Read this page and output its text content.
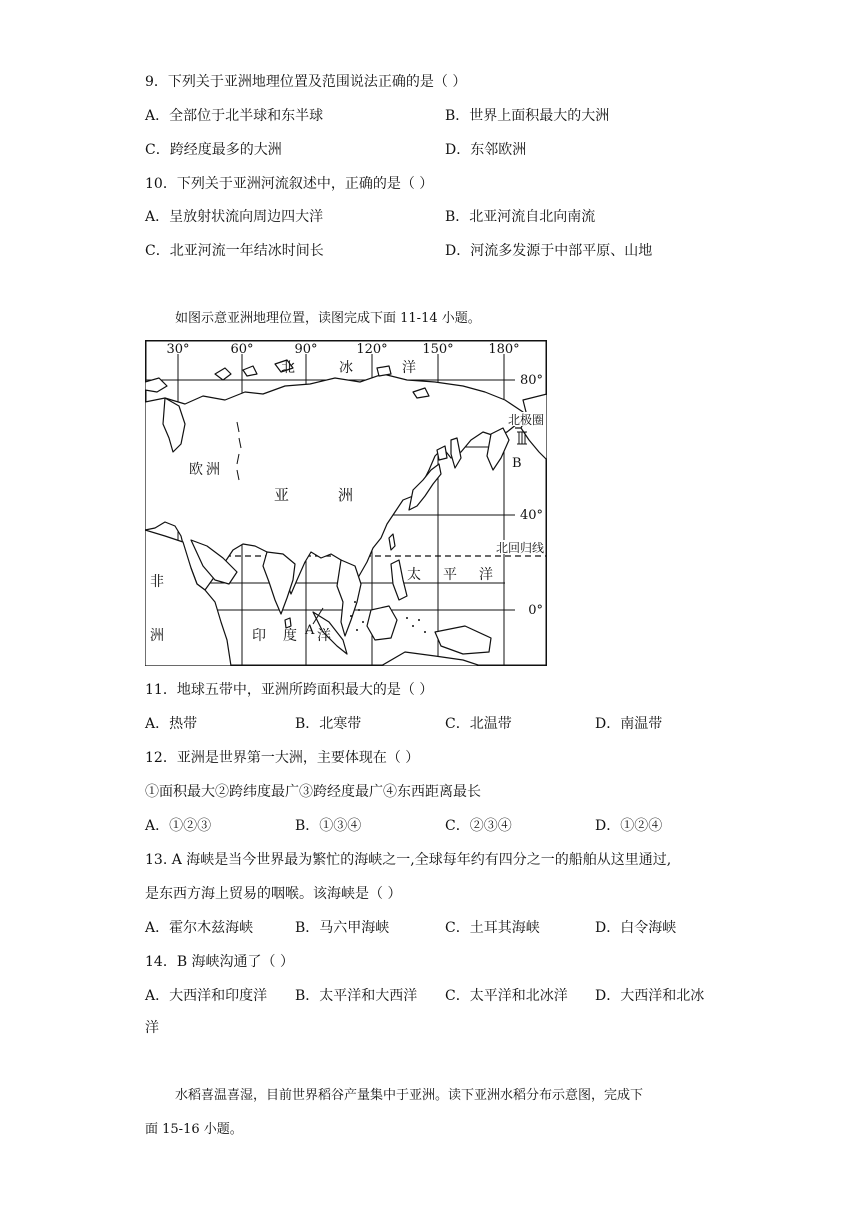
9．下列关于亚洲地理位置及范围说法正确的是（ ）
A．全部位于北半球和东半球	B．世界上面积最大的大洲
C．跨经度最多的大洲	D．东邻欧洲
10．下列关于亚洲河流叙述中，正确的是（ ）
A．呈放射状流向周边四大洋	B．北亚河流自北向南流
C．北亚河流一年结冰时间长	D．河流多发源于中部平原、山地
如图示意亚洲地理位置，读图完成下面 11-14 小题。
30°	60°	90°	120°	150°	180°
80°
40°
0°
北极圈
北回归线
北	冰	洋
欧洲
亚	洲
非
洲
太 平 洋
印 度 洋
A
B
11．地球五带中，亚洲所跨面积最大的是（ ）
A．热带	B．北寒带	C．北温带	D．南温带
12．亚洲是世界第一大洲，主要体现在（ ）
①面积最大②跨纬度最广③跨经度最广④东西距离最长
A．①②③	B．①③④	C．②③④	D．①②④
13. A 海峡是当今世界最为繁忙的海峡之一,全球每年约有四分之一的船舶从这里通过,
是东西方海上贸易的咽喉。该海峡是（ ）
A．霍尔木兹海峡	B．马六甲海峡	C．土耳其海峡	D．白令海峡
14．B 海峡沟通了（ ）
A．大西洋和印度洋 B．太平洋和大西洋 C．太平洋和北冰洋 D．大西洋和北冰
洋
水稻喜温喜湿，目前世界稻谷产量集中于亚洲。读下亚洲水稻分布示意图，完成下
面 15-16 小题。
